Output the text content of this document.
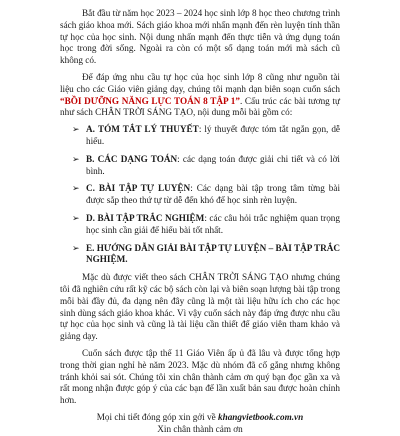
Bắt đầu từ năm học 2023 – 2024 học sinh lớp 8 học theo chương trình sách giáo khoa mới. Sách giáo khoa mới nhấn mạnh đến rèn luyện tính thần tự học của học sinh. Nội dung nhấn mạnh đến thực tiễn và ứng dụng toán học trong đời sống. Ngoài ra còn có một số dạng toán mới mà sách cũ không có.

Để đáp ứng nhu cầu tự học của học sinh lớp 8 cũng như nguồn tài liệu cho các Giáo viên giảng dạy, chúng tôi mạnh dạn biên soạn cuốn sách “BỒI DƯỠNG NĂNG LỰC TOÁN 8 TẬP 1”. Cấu trúc các bài tương tự như sách CHÂN TRỜI SÁNG TẠO, nội dung mỗi bài gồm có:

➢ A. TÓM TẮT LÝ THUYẾT: lý thuyết được tóm tắt ngắn gọn, dễ hiểu.
➢ B. CÁC DẠNG TOÁN: các dạng toán được giải chi tiết và có lời bình.
➢ C. BÀI TẬP TỰ LUYỆN: Các dạng bài tập trong tâm từng bài được sắp theo thứ tự từ dễ đến khó để học sinh rèn luyện.
➢ D. BÀI TẬP TRẮC NGHIỆM: các câu hỏi trắc nghiệm quan trọng học sinh cần giải để hiểu bài tốt nhất.
➢ E. HƯỚNG DẪN GIẢI BÀI TẬP TỰ LUYỆN – BÀI TẬP TRẮC NGHIỆM.

Mặc dù được viết theo sách CHÂN TRỜI SÁNG TẠO nhưng chúng tôi đã nghiên cứu rất kỹ các bộ sách còn lại và biên soạn lượng bài tập trong mỗi bài đầy đủ, đa dạng nên đây cũng là một tài liệu hữu ích cho các học sinh dùng sách giáo khoa khác. Vì vậy cuốn sách này đáp ứng được nhu cầu tự học của học sinh và cũng là tài liệu cần thiết để giáo viên tham khảo và giảng dạy.

Cuốn sách được tập thể 11 Giáo Viên ấp ủ đã lâu và được tổng hợp trong thời gian nghỉ hè năm 2023. Mặc dù nhóm đã cố gắng nhưng không tránh khỏi sai sót. Chúng tôi xin chân thành cảm ơn quý bạn đọc gần xa và rất mong nhận được góp ý của các bạn để lần xuất bản sau được hoàn chỉnh hơn.

Mọi chi tiết đóng góp xin gởi về khangvietbook.com.vn
Xin chân thành cảm ơn
